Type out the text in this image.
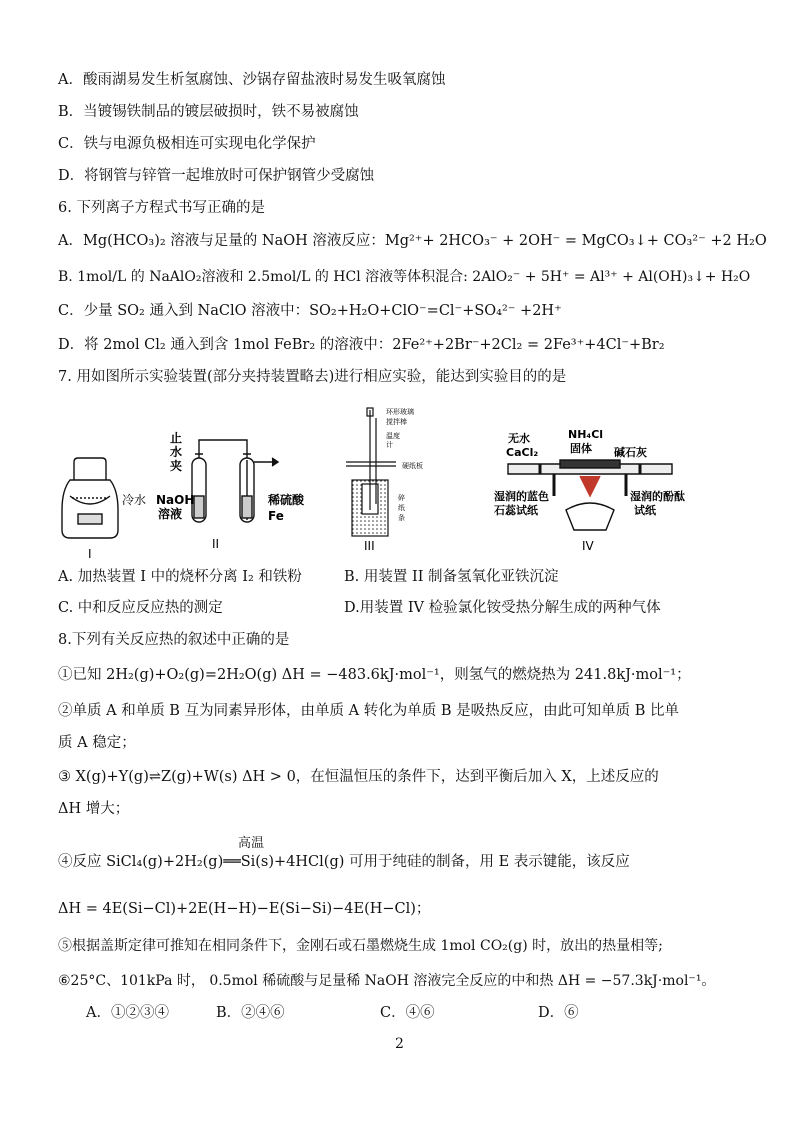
A．酸雨湖易发生析氢腐蚀、沙锅存留盐液时易发生吸氧腐蚀
B．当镀锡铁制品的镀层破损时，铁不易被腐蚀
C．铁与电源负极相连可实现电化学保护
D．将钢管与锌管一起堆放时可保护钢管少受腐蚀
6. 下列离子方程式书写正确的是
A．Mg(HCO₃)₂ 溶液与足量的 NaOH 溶液反应：Mg²⁺+ 2HCO₃⁻ + 2OH⁻ = MgCO₃↓+ CO₃²⁻ +2 H₂O
B. 1mol/L 的 NaAlO₂溶液和 2.5mol/L 的 HCl 溶液等体积混合: 2AlO₂⁻ + 5H⁺ = Al³⁺ + Al(OH)₃↓+ H₂O
C．少量 SO₂ 通入到 NaClO 溶液中：SO₂+H₂O+ClO⁻=Cl⁻+SO₄²⁻ +2H⁺
D．将 2mol Cl₂ 通入到含 1mol FeBr₂ 的溶液中：2Fe²⁺+2Br⁻+2Cl₂ = 2Fe³⁺+4Cl⁻+Br₂
7. 用如图所示实验装置(部分夹持装置略去)进行相应实验，能达到实验目的的是
冷水
I
止
水
夹
NaOH
溶液
稀硫酸
Fe
II
环形玻璃
搅拌棒
温度
计
硬纸板
碎
纸
条
III
无水
CaCl₂
NH₄Cl
固体 碱石灰
湿润的蓝色
石蕊试纸
湿润的酚酞
试纸
IV
A. 加热装置 I 中的烧杯分离 I₂ 和铁粉	B. 用装置 II 制备氢氧化亚铁沉淀
C. 中和反应反应热的测定	D.用装置 IV 检验氯化铵受热分解生成的两种气体
8.下列有关反应热的叙述中正确的是
①已知 2H₂(g)+O₂(g)=2H₂O(g) ΔH = −483.6kJ·mol⁻¹，则氢气的燃烧热为 241.8kJ·mol⁻¹；
②单质 A 和单质 B 互为同素异形体，由单质 A 转化为单质 B 是吸热反应，由此可知单质 B 比单
质 A 稳定；
③ X(g)+Y(g)⇌Z(g)+W(s) ΔH > 0，在恒温恒压的条件下，达到平衡后加入 X，上述反应的
ΔH 增大；
高温
④反应 SiCl₄(g)+2H₂(g)══Si(s)+4HCl(g) 可用于纯硅的制备，用 E 表示键能，该反应
ΔH = 4E(Si−Cl)+2E(H−H)−E(Si−Si)−4E(H−Cl)；
⑤根据盖斯定律可推知在相同条件下，金刚石或石墨燃烧生成 1mol CO₂(g) 时，放出的热量相等;
⑥25°C、101kPa 时， 0.5mol 稀硫酸与足量稀 NaOH 溶液完全反应的中和热 ΔH = −57.3kJ·mol⁻¹。
A．①②③④	B．②④⑥	C．④⑥	D．⑥
2
